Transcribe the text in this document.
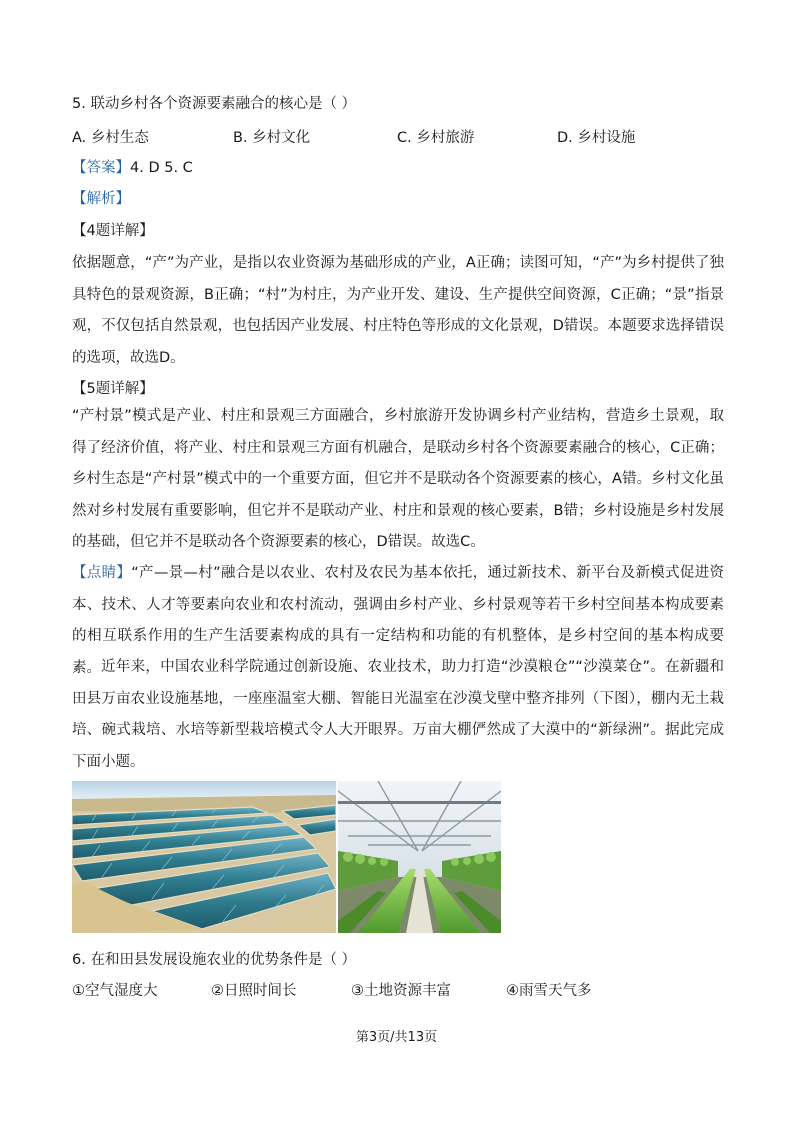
5. 联动乡村各个资源要素融合的核心是（ ）
A. 乡村生态	B. 乡村文化	C. 乡村旅游	D. 乡村设施
【答案】4. D 5. C
【解析】
【4题详解】
依据题意，“产”为产业，是指以农业资源为基础形成的产业，A正确；读图可知，“产”为乡村提供了独具特色的景观资源，B正确；“村”为村庄，为产业开发、建设、生产提供空间资源，C正确；“景”指景观，不仅包括自然景观，也包括因产业发展、村庄特色等形成的文化景观，D错误。本题要求选择错误的选项，故选D。
【5题详解】
“产村景”模式是产业、村庄和景观三方面融合，乡村旅游开发协调乡村产业结构，营造乡土景观，取得了经济价值，将产业、村庄和景观三方面有机融合，是联动乡村各个资源要素融合的核心，C正确；乡村生态是“产村景”模式中的一个重要方面，但它并不是联动各个资源要素的核心，A错。乡村文化虽然对乡村发展有重要影响，但它并不是联动产业、村庄和景观的核心要素，B错；乡村设施是乡村发展的基础，但它并不是联动各个资源要素的核心，D错误。故选C。
【点睛】“产—景—村”融合是以农业、农村及农民为基本依托，通过新技术、新平台及新模式促进资本、技术、人才等要素向农业和农村流动，强调由乡村产业、乡村景观等若干乡村空间基本构成要素的相互联系作用的生产生活要素构成的具有一定结构和功能的有机整体，是乡村空间的基本构成要素。 近年来，中国农业科学院通过创新设施、农业技术，助力打造“沙漠粮仓”“沙漠菜仓”。在新疆和田县万亩农业设施基地，一座座温室大棚、智能日光温室在沙漠戈壁中整齐排列（下图），棚内无土栽培、碗式栽培、水培等新型栽培模式令人大开眼界。万亩大棚俨然成了大漠中的“新绿洲”。据此完成下面小题。
6. 在和田县发展设施农业的优势条件是（ ）
①空气湿度大	②日照时间长	③土地资源丰富	④雨雪天气多
第3页/共13页
